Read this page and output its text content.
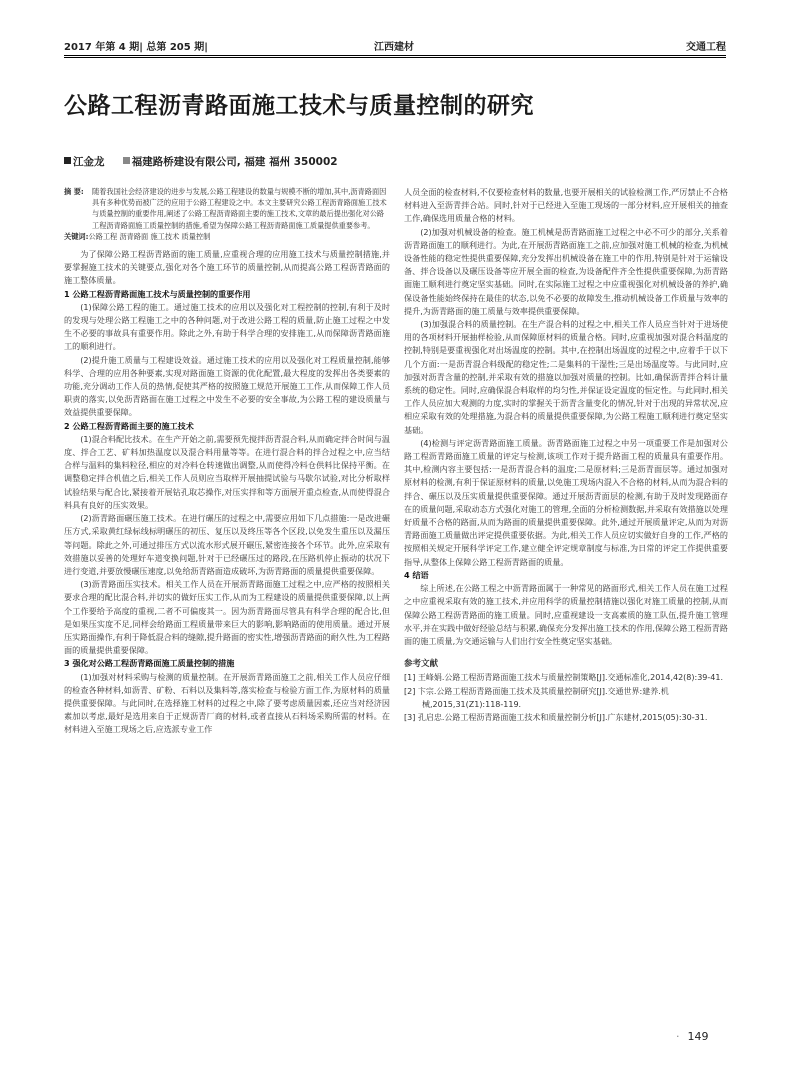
2017 年第 4 期| 总第 205 期|	江西建材	交通工程
公路工程沥青路面施工技术与质量控制的研究
江金龙	福建路桥建设有限公司, 福建 福州 350002

摘 要:	随着我国社会经济建设的进步与发展,公路工程建设的数量与规模不断的增加,其中,沥青路面因具有多种优势而被广泛的应用于公路工程建设之中。本文主要研究公路工程沥青路面施工技术与质量控制的重要作用,阐述了公路工程沥青路面主要的施工技术,文章的最后提出强化对公路工程沥青路面施工质量控制的措施,希望为保障公路工程沥青路面施工质量提供重要参考。

关键词:公路工程 沥青路面 施工技术 质量控制

为了保障公路工程沥青路面的施工质量,应重视合理的应用施工技术与质量控制措施,并要掌握施工技术的关键要点,强化对各个施工环节的质量控制,从而提高公路工程沥青路面的施工整体质量。

1 公路工程沥青路面施工技术与质量控制的重要作用

(1)保障公路工程的施工。通过施工技术的应用以及强化对工程控制的控制,有利于及时的发现与处理公路工程施工之中的各种问题,对于改进公路工程的质量,防止施工过程之中发生不必要的事故具有重要作用。除此之外,有助于科学合理的安排施工,从而保障沥青路面施工的顺利进行。

(2)提升施工质量与工程建设效益。通过施工技术的应用以及强化对工程质量控制,能够科学、合理的应用各种要素,实现对路面施工资源的优化配置,最大程度的发挥出各类要素的功能,充分调动工作人员的热情,促使其严格的按照施工规范开展施工工作,从而保障工作人员职责的落实,以免沥青路面在施工过程之中发生不必要的安全事故,为公路工程的建设质量与效益提供重要保障。

2 公路工程沥青路面主要的施工技术

(1)混合料配比技术。在生产开始之前,需要预先搅拌沥青混合料,从而确定拌合时间与温度、拌合工艺、矿料加热温度以及混合料用量等等。在进行混合料的拌合过程之中,应当结合样与温料的集料粒径,相应的对冷料仓转速做出调整,从而使得冷料仓供料比保持平衡。在调整稳定拌合机值之后,相关工作人员则应当取样开展抽提试验与马歇尔试验,对比分析取样试验结果与配合比,紧接着开展钻孔取芯操作,对压实拌和等方面展开重点检查,从而使得混合料具有良好的压实效果。

(2)沥青路面碾压施工技术。在进行碾压的过程之中,需要应用如下几点措施:一是改进碾压方式,采取黄红绿标线标明碾压的初压、复压以及终压等各个区段,以免发生重压以及漏压等问题。除此之外,可通过排压方式以流水形式展开碾压,紧密连接各个环节。此外,应采取有效措施以妥善的处理好车道变换问题,针对于已经碾压过的路段,在压路机停止振动的状况下进行变道,并要放慢碾压速度,以免给沥青路面造成破坏,为沥青路面的质量提供重要保障。

(3)沥青路面压实技术。相关工作人员在开展沥青路面施工过程之中,应严格的按照相关要求合理的配比混合料,并切实的做好压实工作,从而为工程建设的质量提供重要保障,以上两个工作要给予高度的重视,二者不可偏废其一。因为沥青路面尽管具有科学合理的配合比,但是如果压实度不足,同样会给路面工程质量带来巨大的影响,影响路面的使用质量。通过开展压实路面操作,有利于降低混合料的缝隙,提升路面的密实性,增强沥青路面的耐久性,为工程路面的质量提供重要保障。

3 强化对公路工程沥青路面施工质量控制的措施

(1)加强对材料采购与检测的质量控制。在开展沥青路面施工之前,相关工作人员应仔细的检查各种材料,如沥青、矿粉、石料以及集料等,落实检查与检验方面工作,为原材料的质量提供重要保障。与此同时,在选择施工材料的过程之中,除了要考虑质量因素,还应当对经济因素加以考虑,最好是选用来自于正规沥青厂商的材料,或者直接从石料场采购所需的材料。在材料进入至施工现场之后,应选派专业工作

人员全面的检查材料,不仅要检查材料的数量,也要开展相关的试验检测工作,严厉禁止不合格材料进入至沥青拌合站。同时,针对于已经进入至施工现场的一部分材料,应开展相关的抽查工作,确保选用质量合格的材料。

(2)加强对机械设备的检查。施工机械是沥青路面施工过程之中必不可少的部分,关系着沥青路面施工的顺利进行。为此,在开展沥青路面施工之前,应加强对施工机械的检查,为机械设备性能的稳定性提供重要保障,充分发挥出机械设备在施工中的作用,特别是针对于运输设备、拌合设备以及碾压设备等应开展全面的检查,为设备配件齐全性提供重要保障,为沥青路面施工顺利进行奠定坚实基础。同时,在实际施工过程之中应重视强化对机械设备的养护,确保设备性能始终保持在最佳的状态,以免不必要的故障发生,推动机械设备工作质量与效率的提升,为沥青路面的施工质量与效率提供重要保障。

(3)加强混合料的质量控制。在生产混合料的过程之中,相关工作人员应当针对于进场使用的各项材料开展抽样检验,从而保障原材料的质量合格。同时,应重视加强对混合料温度的控制,特别是要重视强化对出场温度的控制。其中,在控制出场温度的过程之中,应着手于以下几个方面:一是沥青混合料级配的稳定性;二是集料的干湿性;三是出场温度等。与此同时,应加强对沥青含量的控制,并采取有效的措施以加强对质量的控制。比如,确保沥青拌合料计量系统的稳定性。同时,应确保混合料取样的均匀性,并保证设定温度的恒定性。与此同时,相关工作人员应加大观测的力度,实时的掌握关于沥青含量变化的情况,针对于出现的异常状况,应相应采取有效的处理措施,为混合料的质量提供重要保障,为公路工程施工顺利进行奠定坚实基础。

(4)检测与评定沥青路面施工质量。沥青路面施工过程之中另一项重要工作是加强对公路工程沥青路面施工质量的评定与检测,该项工作对于提升路面工程的质量具有重要作用。其中,检测内容主要包括:一是沥青混合料的温度;二是原材料;三是沥青面层等。通过加强对原材料的检测,有利于保证原材料的质量,以免施工现场内混入不合格的材料,从而为混合料的拌合、碾压以及压实质量提供重要保障。通过开展沥青面层的检测,有助于及时发现路面存在的质量问题,采取动态方式强化对施工的管理,全面的分析检测数据,并采取有效措施以处理好质量不合格的路面,从而为路面的质量提供重要保障。此外,通过开展质量评定,从而为对沥青路面施工质量做出评定提供重要依据。为此,相关工作人员应切实做好自身的工作,严格的按照相关规定开展科学评定工作,建立健全评定规章制度与标准,为日常的评定工作提供重要指导,从整体上保障公路工程沥青路面的质量。

4 结语

综上所述,在公路工程之中沥青路面属于一种常见的路面形式,相关工作人员在施工过程之中应重视采取有效的施工技术,并应用科学的质量控制措施以强化对施工质量的控制,从而保障公路工程沥青路面的施工质量。同时,应重视建设一支高素质的施工队伍,提升施工管理水平,并在实践中做好经验总结与积累,确保充分发挥出施工技术的作用,保障公路工程沥青路面的施工质量,为交通运输与人们出行安全性奠定坚实基础。

参考文献

[1] 王峰娟.公路工程沥青路面施工技术与质量控制策略[J].交通标准化,2014,42(8):39-41.

[2] 卞宗.公路工程沥青路面施工技术及其质量控制研究[J].交通世界:建养.机械,2015,31(Z1):118-119.

[3] 孔启忠.公路工程沥青路面施工技术和质量控制分析[J].广东建材,2015(05):30-31.

· 149
